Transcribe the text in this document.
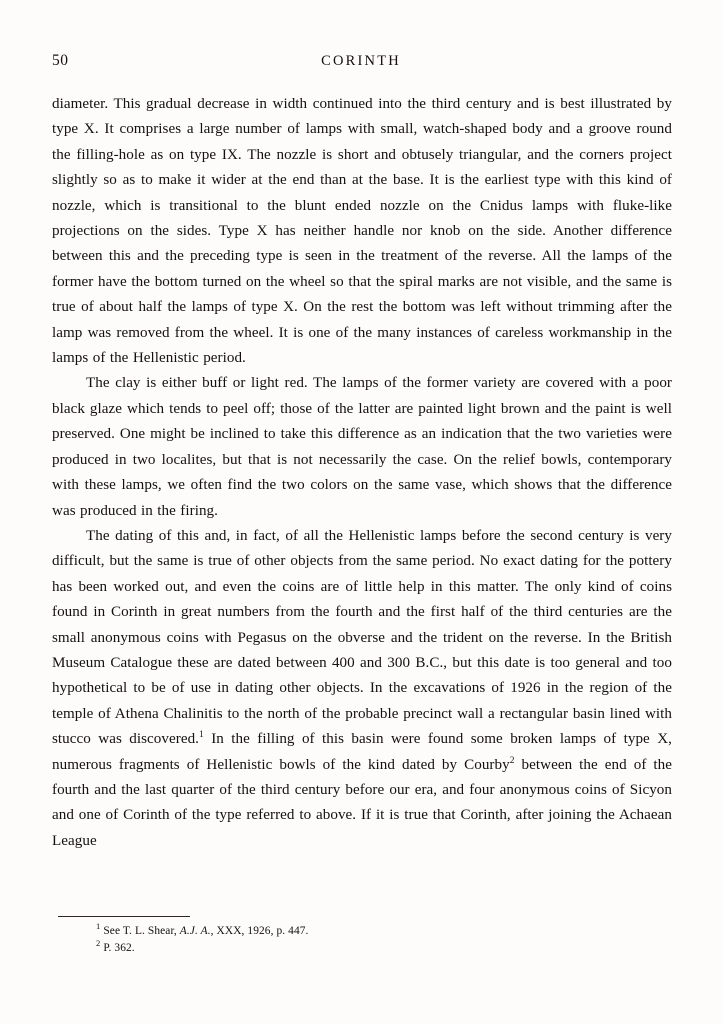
50	CORINTH

diameter. This gradual decrease in width continued into the third century and is best illustrated by type X. It comprises a large number of lamps with small, watch-shaped body and a groove round the filling-hole as on type IX. The nozzle is short and obtusely triangular, and the corners project slightly so as to make it wider at the end than at the base. It is the earliest type with this kind of nozzle, which is transitional to the blunt ended nozzle on the Cnidus lamps with fluke-like projections on the sides. Type X has neither handle nor knob on the side. Another difference between this and the preceding type is seen in the treatment of the reverse. All the lamps of the former have the bottom turned on the wheel so that the spiral marks are not visible, and the same is true of about half the lamps of type X. On the rest the bottom was left without trimming after the lamp was removed from the wheel. It is one of the many instances of careless workmanship in the lamps of the Hellenistic period.

The clay is either buff or light red. The lamps of the former variety are covered with a poor black glaze which tends to peel off; those of the latter are painted light brown and the paint is well preserved. One might be inclined to take this difference as an indication that the two varieties were produced in two localites, but that is not necessarily the case. On the relief bowls, contemporary with these lamps, we often find the two colors on the same vase, which shows that the difference was produced in the firing.

The dating of this and, in fact, of all the Hellenistic lamps before the second century is very difficult, but the same is true of other objects from the same period. No exact dating for the pottery has been worked out, and even the coins are of little help in this matter. The only kind of coins found in Corinth in great numbers from the fourth and the first half of the third centuries are the small anonymous coins with Pegasus on the obverse and the trident on the reverse. In the British Museum Catalogue these are dated between 400 and 300 B.C., but this date is too general and too hypothetical to be of use in dating other objects. In the excavations of 1926 in the region of the temple of Athena Chalinitis to the north of the probable precinct wall a rectangular basin lined with stucco was discovered.$^1$ In the filling of this basin were found some broken lamps of type X, numerous fragments of Hellenistic bowls of the kind dated by Courby$^2$ between the end of the fourth and the last quarter of the third century before our era, and four anonymous coins of Sicyon and one of Corinth of the type referred to above. If it is true that Corinth, after joining the Achaean League

$^1$ See T. L. Shear, A.J. A., XXX, 1926, p. 447.
$^2$ P. 362.
